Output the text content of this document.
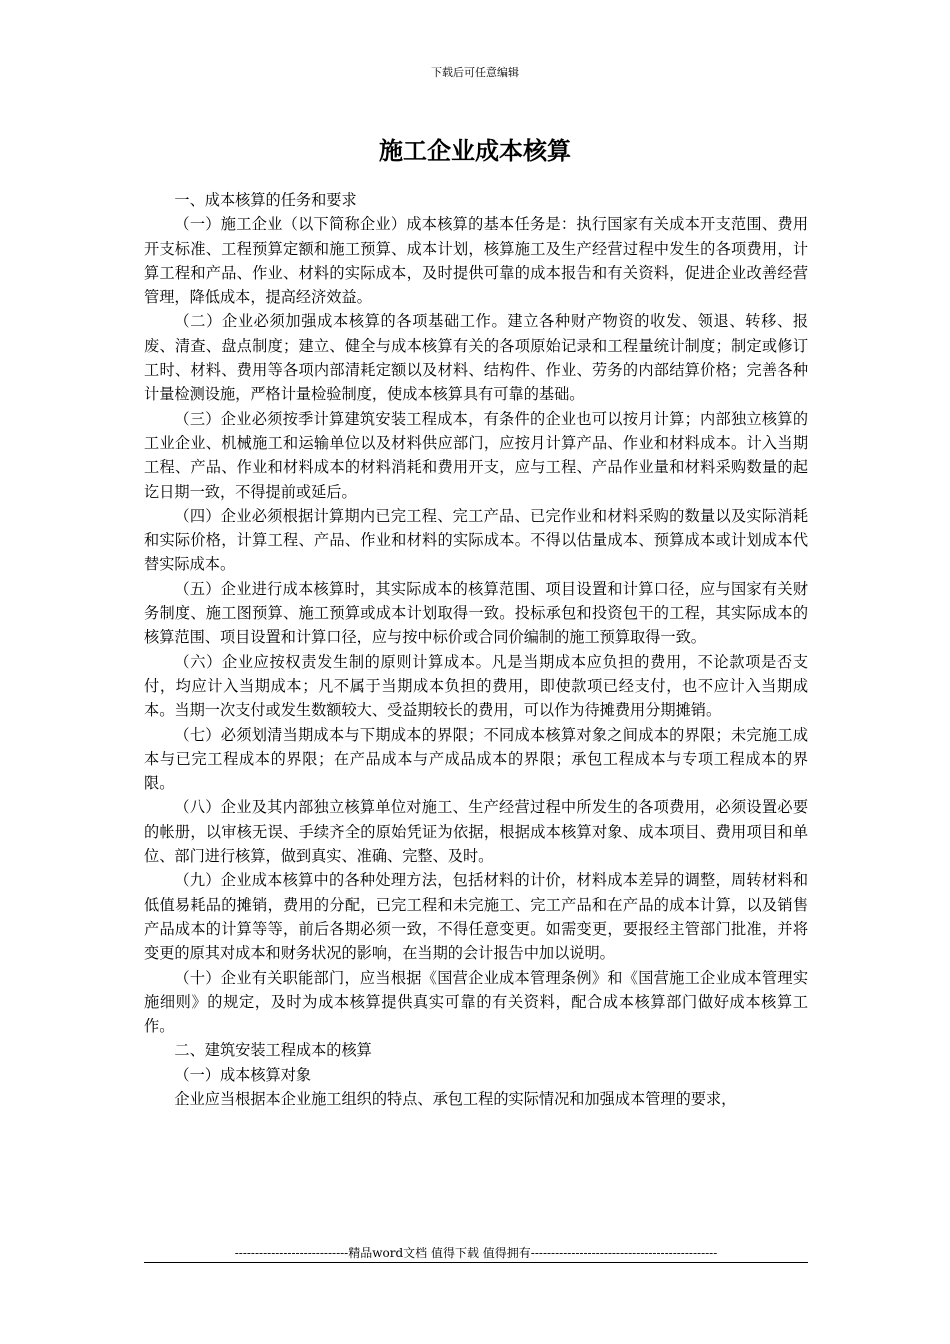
下载后可任意编辑
施工企业成本核算

一、成本核算的任务和要求

（一）施工企业（以下简称企业）成本核算的基本任务是：执行国家有关成本开支范围、费用开支标准、工程预算定额和施工预算、成本计划，核算施工及生产经营过程中发生的各项费用，计算工程和产品、作业、材料的实际成本，及时提供可靠的成本报告和有关资料，促进企业改善经营管理，降低成本，提高经济效益。

（二）企业必须加强成本核算的各项基础工作。建立各种财产物资的收发、领退、转移、报废、清查、盘点制度；建立、健全与成本核算有关的各项原始记录和工程量统计制度；制定或修订工时、材料、费用等各项内部清耗定额以及材料、结构件、作业、劳务的内部结算价格；完善各种计量检测设施，严格计量检验制度，使成本核算具有可靠的基础。

（三）企业必须按季计算建筑安装工程成本，有条件的企业也可以按月计算；内部独立核算的工业企业、机械施工和运输单位以及材料供应部门，应按月计算产品、作业和材料成本。计入当期工程、产品、作业和材料成本的材料消耗和费用开支，应与工程、产品作业量和材料采购数量的起讫日期一致，不得提前或延后。

（四）企业必须根据计算期内已完工程、完工产品、已完作业和材料采购的数量以及实际消耗和实际价格，计算工程、产品、作业和材料的实际成本。不得以估量成本、预算成本或计划成本代替实际成本。

（五）企业进行成本核算时，其实际成本的核算范围、项目设置和计算口径，应与国家有关财务制度、施工图预算、施工预算或成本计划取得一致。投标承包和投资包干的工程，其实际成本的核算范围、项目设置和计算口径，应与按中标价或合同价编制的施工预算取得一致。

（六）企业应按权责发生制的原则计算成本。凡是当期成本应负担的费用，不论款项是否支付，均应计入当期成本；凡不属于当期成本负担的费用，即使款项已经支付，也不应计入当期成本。当期一次支付或发生数额较大、受益期较长的费用，可以作为待摊费用分期摊销。

（七）必须划清当期成本与下期成本的界限；不同成本核算对象之间成本的界限；未完施工成本与已完工程成本的界限；在产品成本与产成品成本的界限；承包工程成本与专项工程成本的界限。

（八）企业及其内部独立核算单位对施工、生产经营过程中所发生的各项费用，必须设置必要的帐册，以审核无误、手续齐全的原始凭证为依据，根据成本核算对象、成本项目、费用项目和单位、部门进行核算，做到真实、准确、完整、及时。

（九）企业成本核算中的各种处理方法，包括材料的计价，材料成本差异的调整，周转材料和低值易耗品的摊销，费用的分配，已完工程和未完施工、完工产品和在产品的成本计算，以及销售产品成本的计算等等，前后各期必须一致，不得任意变更。如需变更，要报经主管部门批准，并将变更的原其对成本和财务状况的影响，在当期的会计报告中加以说明。

（十）企业有关职能部门，应当根据《国营企业成本管理条例》和《国营施工企业成本管理实施细则》的规定，及时为成本核算提供真实可靠的有关资料，配合成本核算部门做好成本核算工作。

二、建筑安装工程成本的核算

（一）成本核算对象

企业应当根据本企业施工组织的特点、承包工程的实际情况和加强成本管理的要求，

----------------------------精品word文档 值得下载 值得拥有----------------------------------------------
